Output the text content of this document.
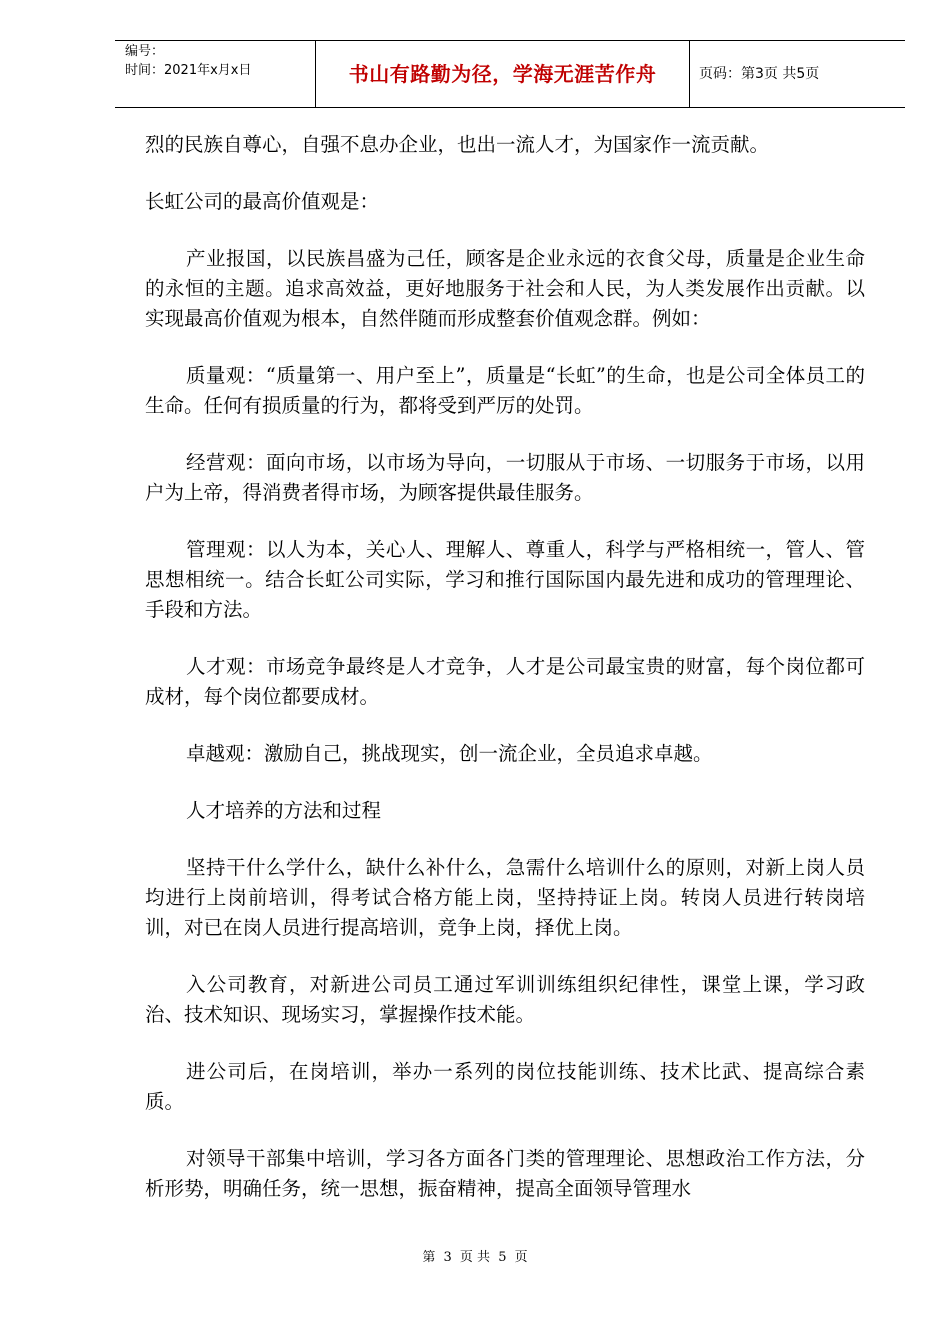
编号：
时间：2021年x月x日	书山有路勤为径，学海无涯苦作舟	页码：第3页 共5页

烈的民族自尊心，自强不息办企业，也出一流人才，为国家作一流贡献。

长虹公司的最高价值观是：

产业报国，以民族昌盛为己任，顾客是企业永远的衣食父母，质量是企业生命的永恒的主题。追求高效益，更好地服务于社会和人民，为人类发展作出贡献。以实现最高价值观为根本，自然伴随而形成整套价值观念群。例如：

质量观：“质量第一、用户至上”，质量是“长虹”的生命，也是公司全体员工的生命。任何有损质量的行为，都将受到严厉的处罚。

经营观：面向市场，以市场为导向，一切服从于市场、一切服务于市场，以用户为上帝，得消费者得市场，为顾客提供最佳服务。

管理观：以人为本，关心人、理解人、尊重人，科学与严格相统一，管人、管思想相统一。结合长虹公司实际，学习和推行国际国内最先进和成功的管理理论、手段和方法。

人才观：市场竞争最终是人才竞争，人才是公司最宝贵的财富，每个岗位都可成材，每个岗位都要成材。

卓越观：激励自己，挑战现实，创一流企业，全员追求卓越。

人才培养的方法和过程

坚持干什么学什么，缺什么补什么，急需什么培训什么的原则，对新上岗人员均进行上岗前培训，得考试合格方能上岗，坚持持证上岗。转岗人员进行转岗培训，对已在岗人员进行提高培训，竞争上岗，择优上岗。

入公司教育，对新进公司员工通过军训训练组织纪律性，课堂上课，学习政治、技术知识、现场实习，掌握操作技术能。

进公司后，在岗培训，举办一系列的岗位技能训练、技术比武、提高综合素质。

对领导干部集中培训，学习各方面各门类的管理理论、思想政治工作方法，分析形势，明确任务，统一思想，振奋精神，提高全面领导管理水

第 3 页 共 5 页
